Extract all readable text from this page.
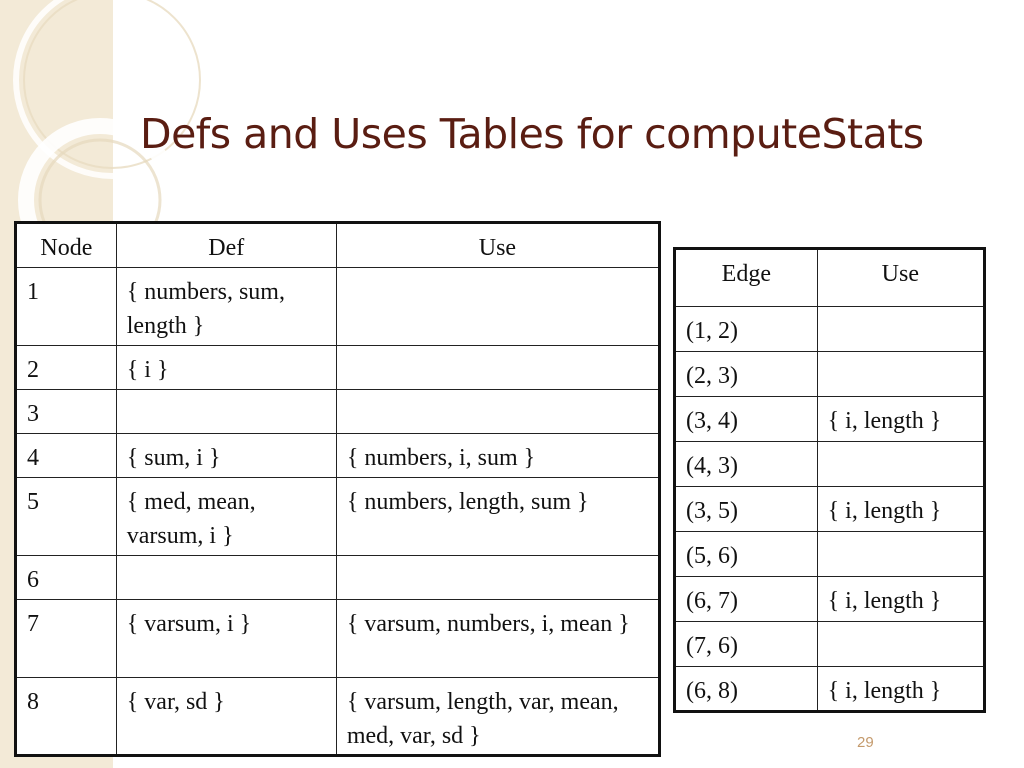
Defs and Uses Tables for computeStats
Node	Def	Use
1	{ numbers, sum, length }	
2	{ i }	
3		
4	{ sum, i }	{ numbers, i, sum }
5	{ med, mean, varsum, i }	{ numbers, length, sum }
6		
7	{ varsum, i }	{ varsum, numbers, i, mean }
8	{ var, sd }	{ varsum, length, var, mean, med, var, sd }
Edge	Use
(1, 2)	
(2, 3)	
(3, 4)	{ i, length }
(4, 3)	
(3, 5)	{ i, length }
(5, 6)	
(6, 7)	{ i, length }
(7, 6)	
(6, 8)	{ i, length }
29
